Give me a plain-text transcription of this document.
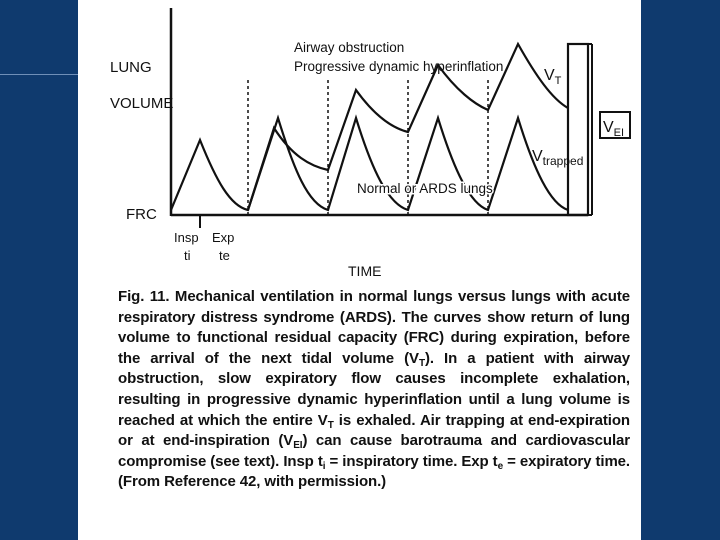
LUNG
VOLUME
FRC
Airway obstruction
Progressive dynamic hyperinflation
$V_T$
$V_{EI}$
$V_{trapped}$
Normal or ARDS lungs
Insp
ti
Exp
te
TIME
Fig. 11. Mechanical ventilation in normal lungs versus lungs with acute respiratory distress syndrome (ARDS). The curves show return of lung volume to functional residual capacity (FRC) during expiration, before the arrival of the next tidal volume $(V_T)$. In a patient with airway obstruction, slow expiratory flow causes incomplete exhalation, resulting in progressive dynamic hyperinflation until a lung volume is reached at which the entire $V_T$ is exhaled. Air trapping at end-expiration or at end-inspiration $(V_{EI})$ can cause barotrauma and cardiovascular compromise (see text). Insp $t_i$ = inspiratory time. Exp $t_e$ = expiratory time. (From Reference 42, with permission.)
